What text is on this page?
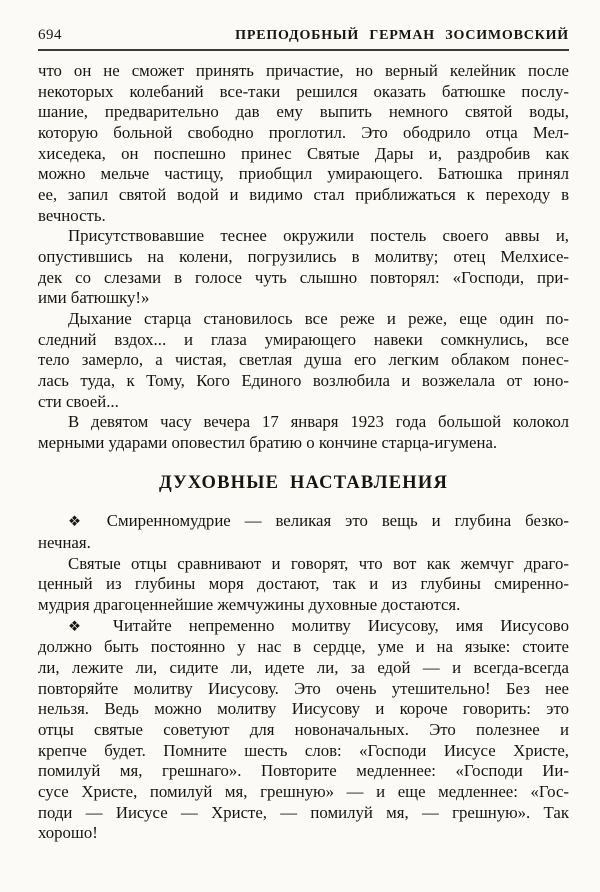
694	ПРЕПОДОБНЫЙ ГЕРМАН ЗОСИМОВСКИЙ
что он не сможет принять причастие, но верный келейник после
некоторых колебаний все-таки решился оказать батюшке послу-
шание, предварительно дав ему выпить немного святой воды,
которую больной свободно проглотил. Это ободрило отца Мел-
хиседека, он поспешно принес Святые Дары и, раздробив как
можно мельче частицу, приобщил умирающего. Батюшка принял
ее, запил святой водой и видимо стал приближаться к переходу в
вечность.
Присутствовавшие теснее окружили постель своего аввы и,
опустившись на колени, погрузились в молитву; отец Мелхисе-
дек со слезами в голосе чуть слышно повторял: «Господи, при-
ими батюшку!»
Дыхание старца становилось все реже и реже, еще один по-
следний вздох... и глаза умирающего навеки сомкнулись, все
тело замерло, а чистая, светлая душа его легким облаком понес-
лась туда, к Тому, Кого Единого возлюбила и возжелала от юно-
сти своей...
В девятом часу вечера 17 января 1923 года большой колокол
мерными ударами оповестил братию о кончине старца-игумена.
ДУХОВНЫЕ НАСТАВЛЕНИЯ
❖ Смиренномудрие — великая это вещь и глубина безко-
нечная.
Святые отцы сравнивают и говорят, что вот как жемчуг драго-
ценный из глубины моря достают, так и из глубины смиренно-
мудрия драгоценнейшие жемчужины духовные достаются.
❖ Читайте непременно молитву Иисусову, имя Иисусово
должно быть постоянно у нас в сердце, уме и на языке: стоите
ли, лежите ли, сидите ли, идете ли, за едой — и всегда-всегда
повторяйте молитву Иисусову. Это очень утешительно! Без нее
нельзя. Ведь можно молитву Иисусову и короче говорить: это
отцы святые советуют для новоначальных. Это полезнее и
крепче будет. Помните шесть слов: «Господи Иисусе Христе,
помилуй мя, грешнаго». Повторите медленнее: «Господи Ии-
сусе Христе, помилуй мя, грешную» — и еще медленнее: «Гос-
поди — Иисусе — Христе, — помилуй мя, — грешную». Так
хорошо!
